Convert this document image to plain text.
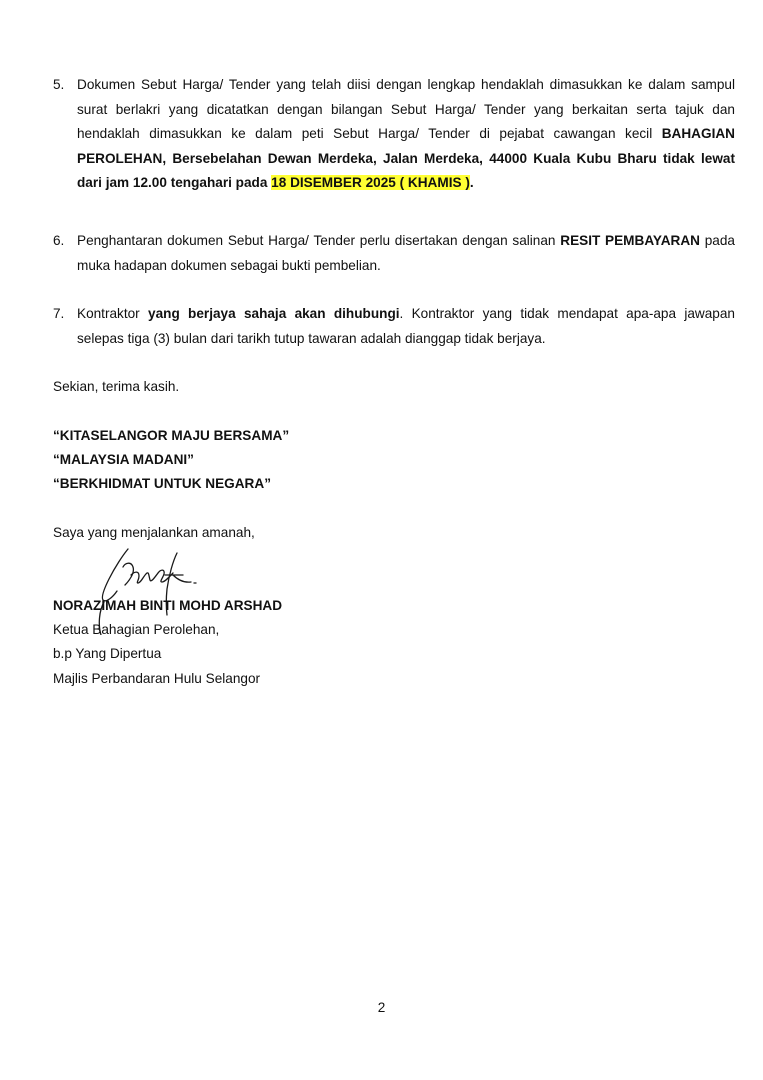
5. Dokumen Sebut Harga/ Tender yang telah diisi dengan lengkap hendaklah dimasukkan ke dalam sampul surat berlakri yang dicatatkan dengan bilangan Sebut Harga/ Tender yang berkaitan serta tajuk dan hendaklah dimasukkan ke dalam peti Sebut Harga/ Tender di pejabat cawangan kecil BAHAGIAN PEROLEHAN, Bersebelahan Dewan Merdeka, Jalan Merdeka, 44000 Kuala Kubu Bharu tidak lewat dari jam 12.00 tengahari pada 18 DISEMBER 2025 ( KHAMIS ).
6. Penghantaran dokumen Sebut Harga/ Tender perlu disertakan dengan salinan RESIT PEMBAYARAN pada muka hadapan dokumen sebagai bukti pembelian.
7. Kontraktor yang berjaya sahaja akan dihubungi. Kontraktor yang tidak mendapat apa-apa jawapan selepas tiga (3) bulan dari tarikh tutup tawaran adalah dianggap tidak berjaya.
Sekian, terima kasih.
“KITASELANGOR MAJU BERSAMA”
“MALAYSIA MADANI”
“BERKHIDMAT UNTUK NEGARA”
Saya yang menjalankan amanah,
NORAZIMAH BINTI MOHD ARSHAD
Ketua Bahagian Perolehan,
b.p Yang Dipertua
Majlis Perbandaran Hulu Selangor
2
